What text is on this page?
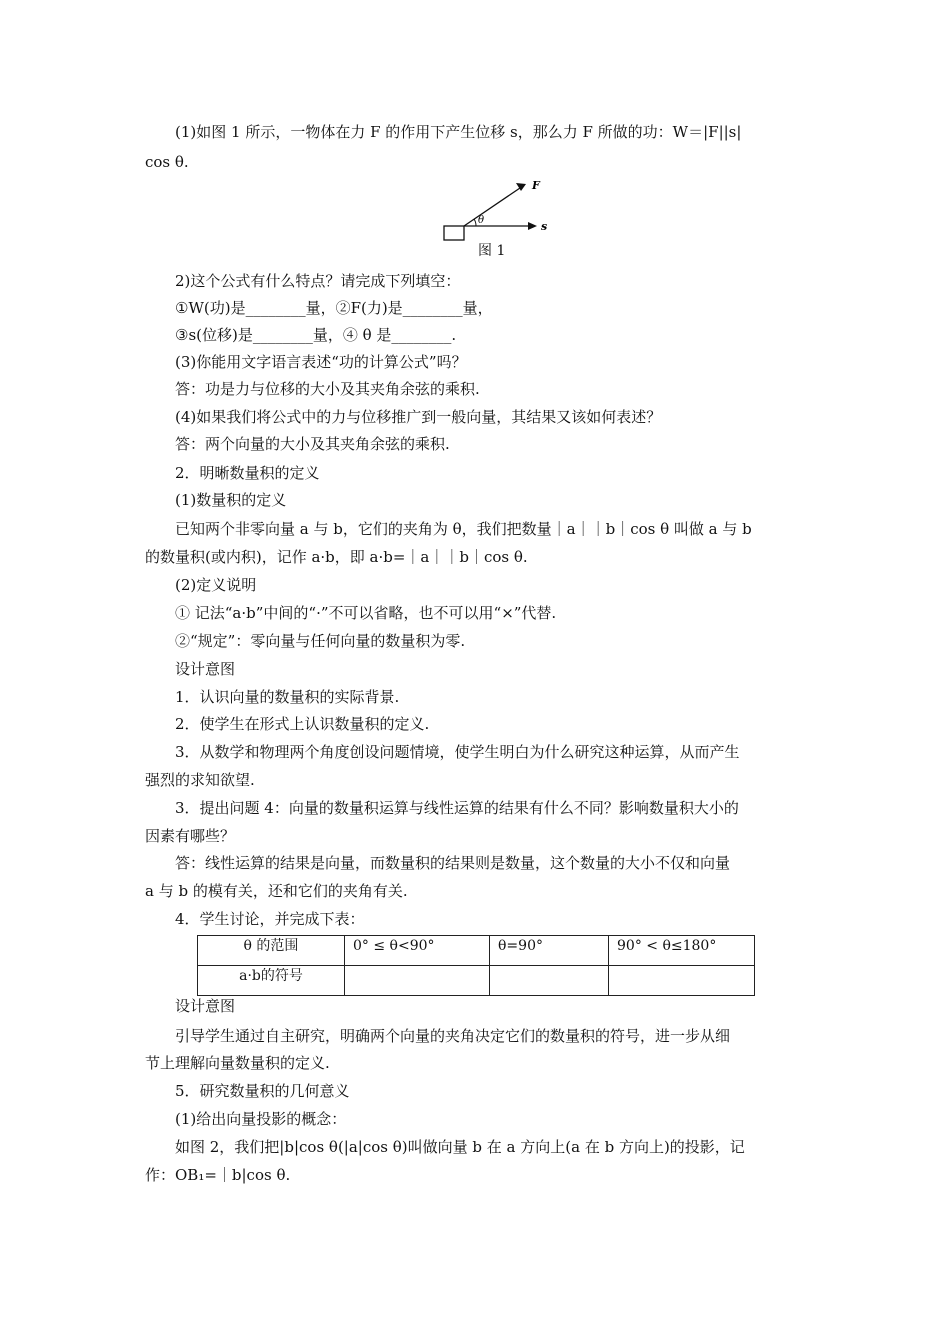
(1)如图 1 所示，一物体在力 F 的作用下产生位移 s，那么力 F 所做的功：W＝|F||s|
cos θ.
θ
F
s
图 1
2)这个公式有什么特点？请完成下列填空：
①W(功)是________量，②F(力)是________量，
③s(位移)是________量，④ θ 是________.
(3)你能用文字语言表述“功的计算公式”吗？
答：功是力与位移的大小及其夹角余弦的乘积.
(4)如果我们将公式中的力与位移推广到一般向量，其结果又该如何表述？
答：两个向量的大小及其夹角余弦的乘积.
2．明晰数量积的定义
(1)数量积的定义
已知两个非零向量 a 与 b，它们的夹角为 θ，我们把数量｜a｜｜b｜cos θ 叫做 a 与 b
的数量积(或内积)，记作 a·b，即 a·b=｜a｜｜b｜cos θ.
(2)定义说明
① 记法“a·b”中间的“·”不可以省略，也不可以用“×”代替.
②“规定”：零向量与任何向量的数量积为零.
设计意图
1．认识向量的数量积的实际背景.
2．使学生在形式上认识数量积的定义.
3．从数学和物理两个角度创设问题情境，使学生明白为什么研究这种运算，从而产生
强烈的求知欲望.
3．提出问题 4：向量的数量积运算与线性运算的结果有什么不同？影响数量积大小的
因素有哪些？
答：线性运算的结果是向量，而数量积的结果则是数量，这个数量的大小不仅和向量
a 与 b 的模有关，还和它们的夹角有关.
4．学生讨论，并完成下表：
θ 的范围	0° ≤ θ<90°	θ=90°	90° < θ≤180°
a·b的符号			
设计意图
引导学生通过自主研究，明确两个向量的夹角决定它们的数量积的符号，进一步从细
节上理解向量数量积的定义.
5．研究数量积的几何意义
(1)给出向量投影的概念：
如图 2，我们把|b|cos θ(|a|cos θ)叫做向量 b 在 a 方向上(a 在 b 方向上)的投影，记
作：OB₁=｜b|cos θ.
